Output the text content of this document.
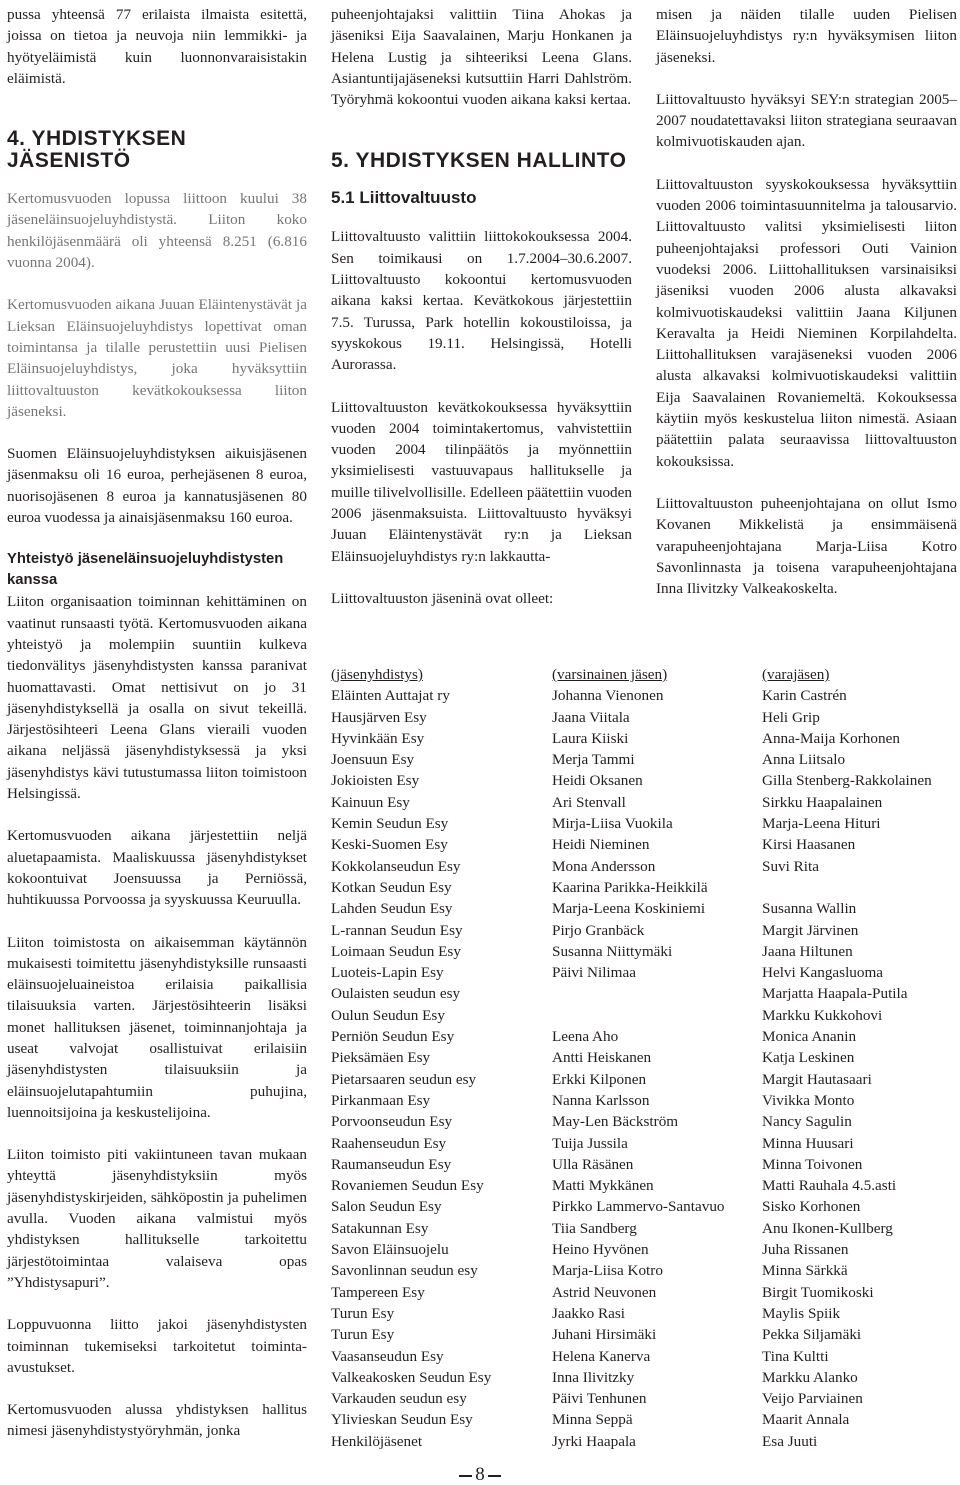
pussa yhteensä 77 erilaista ilmaista esitettä, joissa on tietoa ja neuvoja niin lemmikki- ja hyötyeläimistä kuin luonnonvaraisistakin eläimistä.

4. YHDISTYKSEN JÄSENISTÖ

Kertomusvuoden lopussa liittoon kuului 38 jäseneläinsuojeluyhdistystä. Liiton koko henkilöjäsenmäärä oli yhteensä 8.251 (6.816 vuonna 2004).

Kertomusvuoden aikana Juuan Eläintenystävät ja Lieksan Eläinsuojeluyhdistys lopettivat oman toimintansa ja tilalle perustettiin uusi Pielisen Eläinsuojeluyhdistys, joka hyväksyttiin liittovaltuuston kevätkokouksessa liiton jäseneksi.

Suomen Eläinsuojeluyhdistyksen aikuisjäsenen jäsenmaksu oli 16 euroa, perhejäsenen 8 euroa, nuorisojäsenen 8 euroa ja kannatusjäsenen 80 euroa vuodessa ja ainaisjäsenmaksu 160 euroa.

Yhteistyö jäseneläinsuojeluyhdistysten kanssa

Liiton organisaation toiminnan kehittäminen on vaatinut runsaasti työtä. Kertomusvuoden aikana yhteistyö ja molempiin suuntiin kulkeva tiedonvälitys jäsenyhdistysten kanssa paranivat huomattavasti. Omat nettisivut on jo 31 jäsenyhdistyksellä ja osalla on sivut tekeillä. Järjestösihteeri Leena Glans vieraili vuoden aikana neljässä jäsenyhdistyksessä ja yksi jäsenyhdistys kävi tutustumassa liiton toimistoon Helsingissä.

Kertomusvuoden aikana järjestettiin neljä aluetapaamista. Maaliskuussa jäsenyhdistykset kokoontuivat Joensuussa ja Perniössä, huhtikuussa Porvoossa ja syyskuussa Keuruulla.

Liiton toimistosta on aikaisemman käytännön mukaisesti toimitettu jäsenyhdistyksille runsaasti eläinsuojeluaineistoa erilaisia paikallisia tilaisuuksia varten. Järjestösihteerin lisäksi monet hallituksen jäsenet, toiminnanjohtaja ja useat valvojat osallistuivat erilaisiin jäsenyhdistysten tilaisuuksiin ja eläinsuojelutapahtumiin puhujina, luennoitsijoina ja keskustelijoina.

Liiton toimisto piti vakiintuneen tavan mukaan yhteyttä jäsenyhdistyksiin myös jäsenyhdistyskirjeiden, sähköpostin ja puhelimen avulla. Vuoden aikana valmistui myös yhdistyksen hallitukselle tarkoitettu järjestötoimintaa valaiseva opas ”Yhdistysapuri”.

Loppuvuonna liitto jakoi jäsenyhdistysten toiminnan tukemiseksi tarkoitetut toiminta-avustukset.

Kertomusvuoden alussa yhdistyksen hallitus nimesi jäsenyhdistystyöryhmän, jonka

puheenjohtajaksi valittiin Tiina Ahokas ja jäseniksi Eija Saavalainen, Marju Honkanen ja Helena Lustig ja sihteeriksi Leena Glans. Asiantuntijajäseneksi kutsuttiin Harri Dahlström. Työryhmä kokoontui vuoden aikana kaksi kertaa.

5. YHDISTYKSEN HALLINTO
5.1 Liittovaltuusto

Liittovaltuusto valittiin liittokokouksessa 2004. Sen toimikausi on 1.7.2004–30.6.2007. Liittovaltuusto kokoontui kertomusvuoden aikana kaksi kertaa. Kevätkokous järjestettiin 7.5. Turussa, Park hotellin kokoustiloissa, ja syyskokous 19.11. Helsingissä, Hotelli Aurorassa.

Liittovaltuuston kevätkokouksessa hyväksyttiin vuoden 2004 toimintakertomus, vahvistettiin vuoden 2004 tilinpäätös ja myönnettiin yksimielisesti vastuuvapaus hallitukselle ja muille tilivelvollisille. Edelleen päätettiin vuoden 2006 jäsenmaksuista. Liittovaltuusto hyväksyi Juuan Eläintenystävät ry:n ja Lieksan Eläinsuojeluyhdistys ry:n lakkautta-

Liittovaltuuston jäseninä ovat olleet:

misen ja näiden tilalle uuden Pielisen Eläinsuojeluyhdistys ry:n hyväksymisen liiton jäseneksi.

Liittovaltuusto hyväksyi SEY:n strategian 2005–2007 noudatettavaksi liiton strategiana seuraavan kolmivuotiskauden ajan.

Liittovaltuuston syyskokouksessa hyväksyttiin vuoden 2006 toimintasuunnitelma ja talousarvio. Liittovaltuusto valitsi yksimielisesti liiton puheenjohtajaksi professori Outi Vainion vuodeksi 2006. Liittohallituksen varsinaisiksi jäseniksi vuoden 2006 alusta alkavaksi kolmivuotiskaudeksi valittiin Jaana Kiljunen Keravalta ja Heidi Nieminen Korpilahdelta. Liittohallituksen varajäseneksi vuoden 2006 alusta alkavaksi kolmivuotiskaudeksi valittiin Eija Saavalainen Rovaniemeltä. Kokouksessa käytiin myös keskustelua liiton nimestä. Asiaan päätettiin palata seuraavissa liittovaltuuston kokouksissa.

Liittovaltuuston puheenjohtajana on ollut Ismo Kovanen Mikkelistä ja ensimmäisenä varapuheenjohtajana Marja-Liisa Kotro Savonlinnasta ja toisena varapuheenjohtajana Inna Ilivitzky Valkeakoskelta.

(jäsenyhdistys)
Eläinten Auttajat ry
Hausjärven Esy
Hyvinkään Esy
Joensuun Esy
Jokioisten Esy
Kainuun Esy
Kemin Seudun Esy
Keski-Suomen Esy
Kokkolanseudun Esy
Kotkan Seudun Esy
Lahden Seudun Esy
L-rannan Seudun Esy
Loimaan Seudun Esy
Luoteis-Lapin Esy
Oulaisten seudun esy
Oulun Seudun Esy
Perniön Seudun Esy
Pieksämäen Esy
Pietarsaaren seudun esy
Pirkanmaan Esy
Porvoonseudun Esy
Raahenseudun Esy
Raumanseudun Esy
Rovaniemen Seudun Esy
Salon Seudun Esy
Satakunnan Esy
Savon Eläinsuojelu
Savonlinnan seudun esy
Tampereen Esy
Turun Esy
Turun Esy
Vaasanseudun Esy
Valkeakosken Seudun Esy
Varkauden seudun esy
Ylivieskan Seudun Esy
Henkilöjäsenet
(varsinainen jäsen)
Johanna Vienonen
Jaana Viitala
Laura Kiiski
Merja Tammi
Heidi Oksanen
Ari Stenvall
Mirja-Liisa Vuokila
Heidi Nieminen
Mona Andersson
Kaarina Parikka-Heikkilä
Marja-Leena Koskiniemi
Pirjo Granbäck
Susanna Niittymäki
Päivi Nilimaa
Leena Aho
Antti Heiskanen
Erkki Kilponen
Nanna Karlsson
May-Len Bäckström
Tuija Jussila
Ulla Räsänen
Matti Mykkänen
Pirkko Lammervo-Santavuo
Tiia Sandberg
Heino Hyvönen
Marja-Liisa Kotro
Astrid Neuvonen
Jaakko Rasi
Juhani Hirsimäki
Helena Kanerva
Inna Ilivitzky
Päivi Tenhunen
Minna Seppä
Jyrki Haapala
(varajäsen)
Karin Castrén
Heli Grip
Anna-Maija Korhonen
Anna Liitsalo
Gilla Stenberg-Rakkolainen
Sirkku Haapalainen
Marja-Leena Hituri
Kirsi Haasanen
Suvi Rita
Susanna Wallin
Margit Järvinen
Jaana Hiltunen
Helvi Kangasluoma
Marjatta Haapala-Putila
Markku Kukkohovi
Monica Ananin
Katja Leskinen
Margit Hautasaari
Vivikka Monto
Nancy Sagulin
Minna Huusari
Minna Toivonen
Matti Rauhala 4.5.asti
Sisko Korhonen
Anu Ikonen-Kullberg
Juha Rissanen
Minna Särkkä
Birgit Tuomikoski
Maylis Spiik
Pekka Siljamäki
Tina Kultti
Markku Alanko
Veijo Parviainen
Maarit Annala
Esa Juuti
8
